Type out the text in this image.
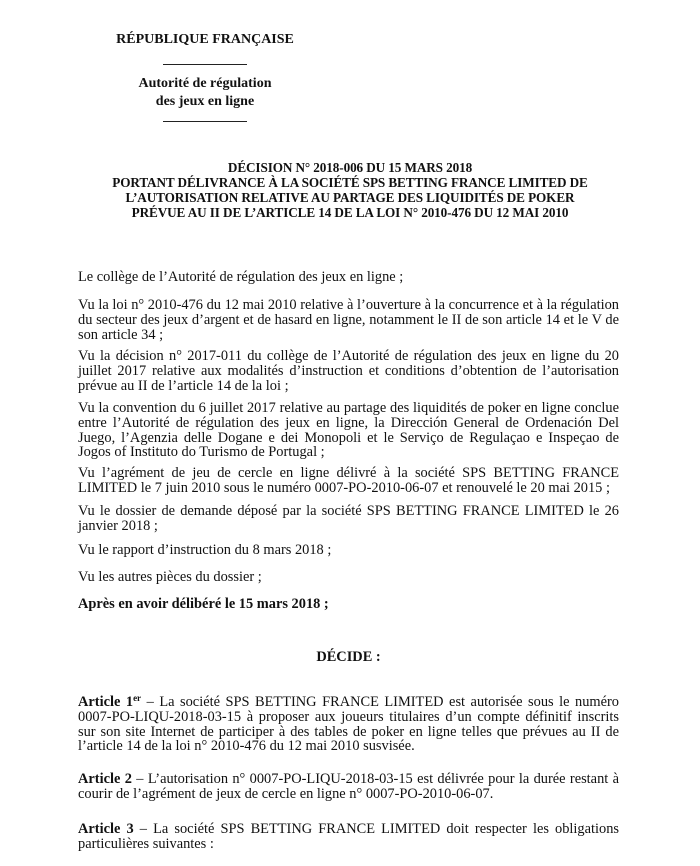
RÉPUBLIQUE FRANÇAISE
Autorité de régulation
des jeux en ligne
DÉCISION N° 2018-006 DU 15 MARS 2018
PORTANT DÉLIVRANCE À LA SOCIÉTÉ SPS BETTING FRANCE LIMITED DE
L’AUTORISATION RELATIVE AU PARTAGE DES LIQUIDITÉS DE POKER
PRÉVUE AU II DE L’ARTICLE 14 DE LA LOI N° 2010-476 DU 12 MAI 2010
Le collège de l’Autorité de régulation des jeux en ligne ;
Vu la loi n° 2010-476 du 12 mai 2010 relative à l’ouverture à la concurrence et à la régulation du secteur des jeux d’argent et de hasard en ligne, notamment le II de son article 14 et le V de son article 34 ;
Vu la décision n° 2017-011 du collège de l’Autorité de régulation des jeux en ligne du 20 juillet 2017 relative aux modalités d’instruction et conditions d’obtention de l’autorisation prévue au II de l’article 14 de la loi ;
Vu la convention du 6 juillet 2017 relative au partage des liquidités de poker en ligne conclue entre l’Autorité de régulation des jeux en ligne, la Dirección General de Ordenación Del Juego, l’Agenzia delle Dogane e dei Monopoli et le Serviço de Regulaçao e Inspeçao de Jogos of Instituto do Turismo de Portugal ;
Vu l’agrément de jeu de cercle en ligne délivré à la société SPS BETTING FRANCE LIMITED le 7 juin 2010 sous le numéro 0007-PO-2010-06-07 et renouvelé le 20 mai 2015 ;
Vu le dossier de demande déposé par la société SPS BETTING FRANCE LIMITED le 26 janvier 2018 ;
Vu le rapport d’instruction du 8 mars 2018 ;
Vu les autres pièces du dossier ;
Après en avoir délibéré le 15 mars 2018 ;
DÉCIDE :
Article 1er – La société SPS BETTING FRANCE LIMITED est autorisée sous le numéro 0007-PO-LIQU-2018-03-15 à proposer aux joueurs titulaires d’un compte définitif inscrits sur son site Internet de participer à des tables de poker en ligne telles que prévues au II de l’article 14 de la loi n° 2010-476 du 12 mai 2010 susvisée.
Article 2 – L’autorisation n° 0007-PO-LIQU-2018-03-15 est délivrée pour la durée restant à courir de l’agrément de jeux de cercle en ligne n° 0007-PO-2010-06-07.
Article 3 – La société SPS BETTING FRANCE LIMITED doit respecter les obligations particulières suivantes :
